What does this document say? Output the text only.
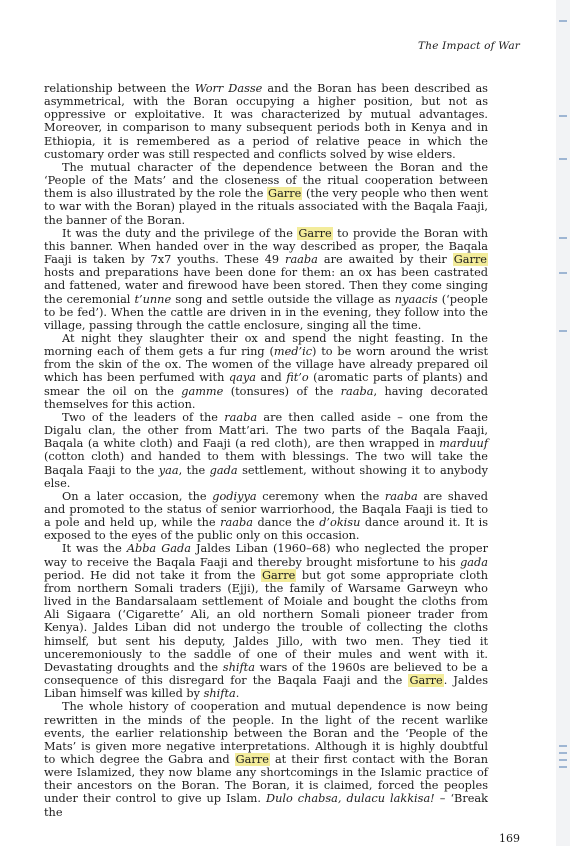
The Impact of War

relationship between the Worr Dasse and the Boran has been described as asymmetrical, with the Boran occupying a higher position, but not as oppressive or exploitative. It was characterized by mutual advantages. Moreover, in comparison to many subsequent periods both in Kenya and in Ethiopia, it is remembered as a period of relative peace in which the customary order was still respected and conflicts solved by wise elders.

The mutual character of the dependence between the Boran and the ‘People of the Mats’ and the closeness of the ritual cooperation between them is also illustrated by the role the Garre (the very people who then went to war with the Boran) played in the rituals associated with the Baqala Faaji, the banner of the Boran.

It was the duty and the privilege of the Garre to provide the Boran with this banner. When handed over in the way described as proper, the Baqala Faaji is taken by 7x7 youths. These 49 raaba are awaited by their Garre hosts and preparations have been done for them: an ox has been castrated and fattened, water and firewood have been stored. Then they come singing the ceremonial t’unne song and settle outside the village as nyaacis (‘people to be fed’). When the cattle are driven in in the evening, they follow into the village, passing through the cattle enclosure, singing all the time.

At night they slaughter their ox and spend the night feasting. In the morning each of them gets a fur ring (med’ic) to be worn around the wrist from the skin of the ox. The women of the village have already prepared oil which has been perfumed with qaya and fit’o (aromatic parts of plants) and smear the oil on the gamme (tonsures) of the raaba, having decorated themselves for this action.

Two of the leaders of the raaba are then called aside – one from the Digalu clan, the other from Matt’ari. The two parts of the Baqala Faaji, Baqala (a white cloth) and Faaji (a red cloth), are then wrapped in marduuf (cotton cloth) and handed to them with blessings. The two will take the Baqala Faaji to the yaa, the gada settlement, without showing it to anybody else.

On a later occasion, the godiyya ceremony when the raaba are shaved and promoted to the status of senior warriorhood, the Baqala Faaji is tied to a pole and held up, while the raaba dance the d’okisu dance around it. It is exposed to the eyes of the public only on this occasion.

It was the Abba Gada Jaldes Liban (1960–68) who neglected the proper way to receive the Baqala Faaji and thereby brought misfortune to his gada period. He did not take it from the Garre but got some appropriate cloth from northern Somali traders (Ejji), the family of Warsame Garweyn who lived in the Bandarsalaam settlement of Moiale and bought the cloths from Ali Sigaara (‘Cigarette’ Ali, an old northern Somali pioneer trader from Kenya). Jaldes Liban did not undergo the trouble of collecting the cloths himself, but sent his deputy, Jaldes Jillo, with two men. They tied it unceremoniously to the saddle of one of their mules and went with it. Devastating droughts and the shifta wars of the 1960s are believed to be a consequence of this disregard for the Baqala Faaji and the Garre. Jaldes Liban himself was killed by shifta.

The whole history of cooperation and mutual dependence is now being rewritten in the minds of the people. In the light of the recent warlike events, the earlier relationship between the Boran and the ‘People of the Mats’ is given more negative interpretations. Although it is highly doubtful to which degree the Gabra and Garre at their first contact with the Boran were Islamized, they now blame any shortcomings in the Islamic practice of their ancestors on the Boran. The Boran, it is claimed, forced the peoples under their control to give up Islam. Dulo chabsa, dulacu lakkisa! – ‘Break the

169
